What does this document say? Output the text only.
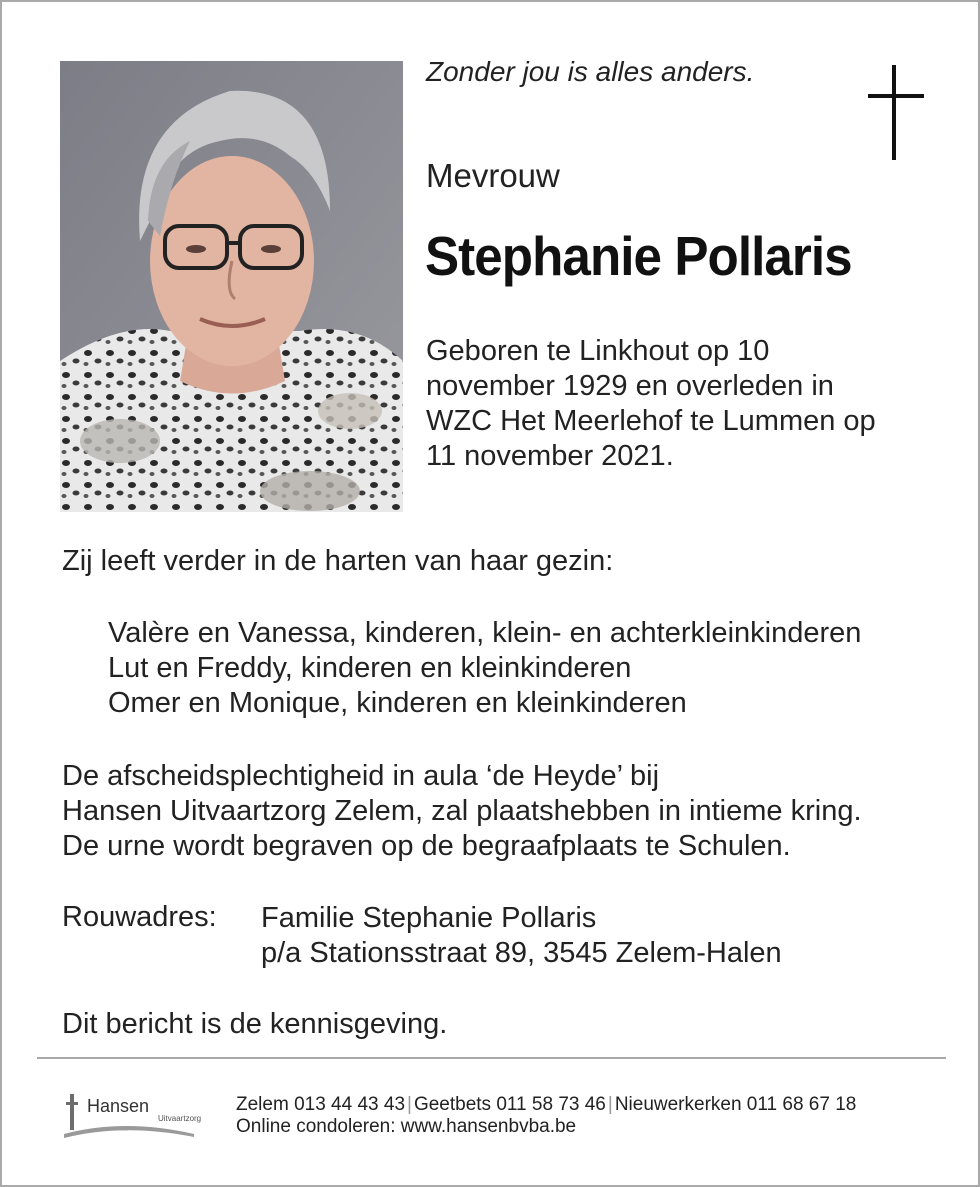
Zonder jou is alles anders.
Mevrouw
Stephanie Pollaris
Geboren te Linkhout op 10
november 1929 en overleden in
WZC Het Meerlehof te Lummen op
11 november 2021.
Zij leeft verder in de harten van haar gezin:
Valère en Vanessa, kinderen, klein- en achterkleinkinderen
Lut en Freddy, kinderen en kleinkinderen
Omer en Monique, kinderen en kleinkinderen
De afscheidsplechtigheid in aula ‘de Heyde’ bij
Hansen Uitvaartzorg Zelem, zal plaatshebben in intieme kring.
De urne wordt begraven op de begraafplaats te Schulen.
Rouwadres: Familie Stephanie Pollaris
p/a Stationsstraat 89, 3545 Zelem-Halen
Dit bericht is de kennisgeving.
Hansen
Uitvaartzorg
Zelem 013 44 43 43 | Geetbets 011 58 73 46 | Nieuwerkerken 011 68 67 18
Online condoleren: www.hansenbvba.be
